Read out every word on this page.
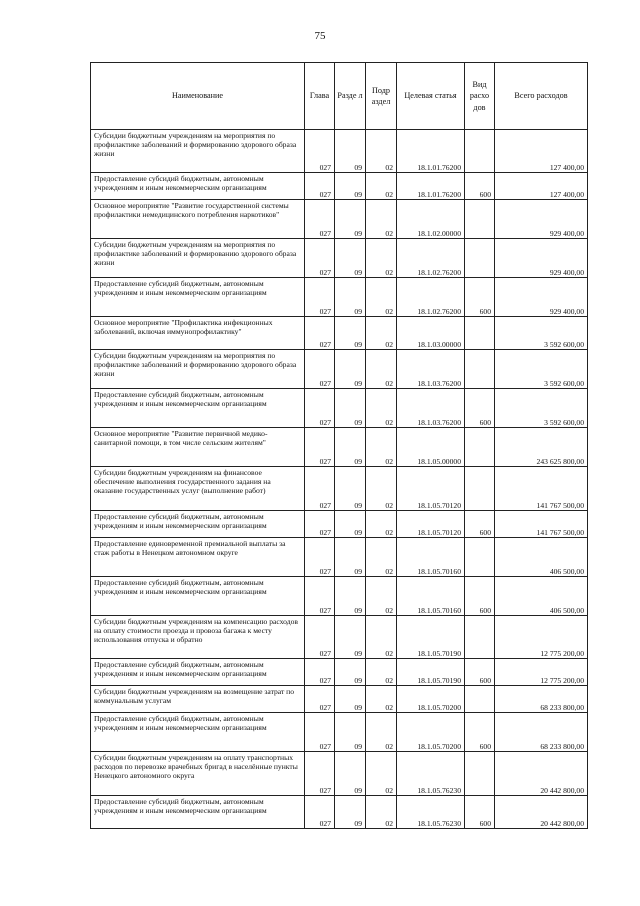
75
Наименование	Глава	Разде л	Подр аздел	Целевая статья	Вид расхо дов	Всего расходов
Субсидии бюджетным учреждениям на мероприятия по профилактике заболеваний и формированию здорового образа жизни	027	09	02	18.1.01.76200		127 400,00
Предоставление субсидий бюджетным, автономным учреждениям и иным некоммерческим организациям	027	09	02	18.1.01.76200	600	127 400,00
Основное мероприятие "Развитие государственной системы профилактики немедицинского потребления наркотиков"	027	09	02	18.1.02.00000		929 400,00
Субсидии бюджетным учреждениям на мероприятия по профилактике заболеваний и формированию здорового образа жизни	027	09	02	18.1.02.76200		929 400,00
Предоставление субсидий бюджетным, автономным учреждениям и иным некоммерческим организациям	027	09	02	18.1.02.76200	600	929 400,00
Основное мероприятие "Профилактика инфекционных заболеваний, включая иммунопрофилактику"	027	09	02	18.1.03.00000		3 592 600,00
Субсидии бюджетным учреждениям на мероприятия по профилактике заболеваний и формированию здорового образа жизни	027	09	02	18.1.03.76200		3 592 600,00
Предоставление субсидий бюджетным, автономным учреждениям и иным некоммерческим организациям	027	09	02	18.1.03.76200	600	3 592 600,00
Основное мероприятие "Развитие первичной медико-санитарной помощи, в том числе сельским жителям"	027	09	02	18.1.05.00000		243 625 800,00
Субсидии бюджетным учреждениям на финансовое обеспечение выполнения государственного задания на оказание государственных услуг (выполнение работ)	027	09	02	18.1.05.70120		141 767 500,00
Предоставление субсидий бюджетным, автономным учреждениям и иным некоммерческим организациям	027	09	02	18.1.05.70120	600	141 767 500,00
Предоставление единовременной премиальной выплаты за стаж работы в Ненецком автономном округе	027	09	02	18.1.05.70160		406 500,00
Предоставление субсидий бюджетным, автономным учреждениям и иным некоммерческим организациям	027	09	02	18.1.05.70160	600	406 500,00
Субсидии бюджетным учреждениям на компенсацию расходов на оплату стоимости проезда и провоза багажа к месту использования отпуска и обратно	027	09	02	18.1.05.70190		12 775 200,00
Предоставление субсидий бюджетным, автономным учреждениям и иным некоммерческим организациям	027	09	02	18.1.05.70190	600	12 775 200,00
Субсидии бюджетным учреждениям на возмещение затрат по коммунальным услугам	027	09	02	18.1.05.70200		68 233 800,00
Предоставление субсидий бюджетным, автономным учреждениям и иным некоммерческим организациям	027	09	02	18.1.05.70200	600	68 233 800,00
Субсидии бюджетным учреждениям на оплату транспортных расходов по перевозке врачебных бригад в населённые пункты Ненецкого автономного округа	027	09	02	18.1.05.76230		20 442 800,00
Предоставление субсидий бюджетным, автономным учреждениям и иным некоммерческим организациям	027	09	02	18.1.05.76230	600	20 442 800,00
